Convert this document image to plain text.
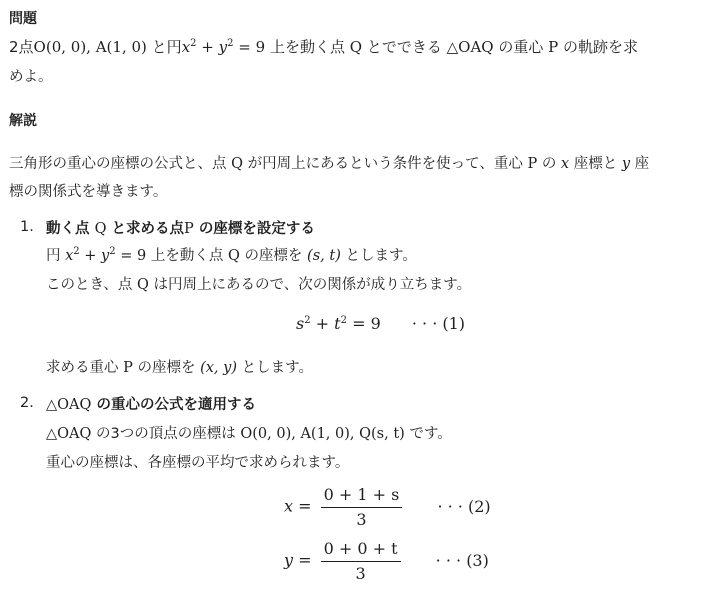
問題
2点O(0, 0), A(1, 0) と円$x^2 + y^2 = 9$ 上を動く点 Q とでできる △OAQ の重心 P の軌跡を求
めよ。
解説
三角形の重心の座標の公式と、点 Q が円周上にあるという条件を使って、重心 P の x 座標と y 座
標の関係式を導きます。
1. 動く点 Q と求める点P の座標を設定する
円 $x^2 + y^2 = 9$ 上を動く点 Q の座標を (s, t) とします。
このとき、点 Q は円周上にあるので、次の関係が成り立ちます。
$s^2 + t^2 = 9$ · · · (1)
求める重心 P の座標を (x, y) とします。
2. △OAQ の重心の公式を適用する
△OAQ の3つの頂点の座標は O(0, 0), A(1, 0), Q(s, t) です。
重心の座標は、各座標の平均で求められます。
$x = \frac{0 + 1 + s}{3}$ · · · (2)
$y = \frac{0 + 0 + t}{3}$ · · · (3)
